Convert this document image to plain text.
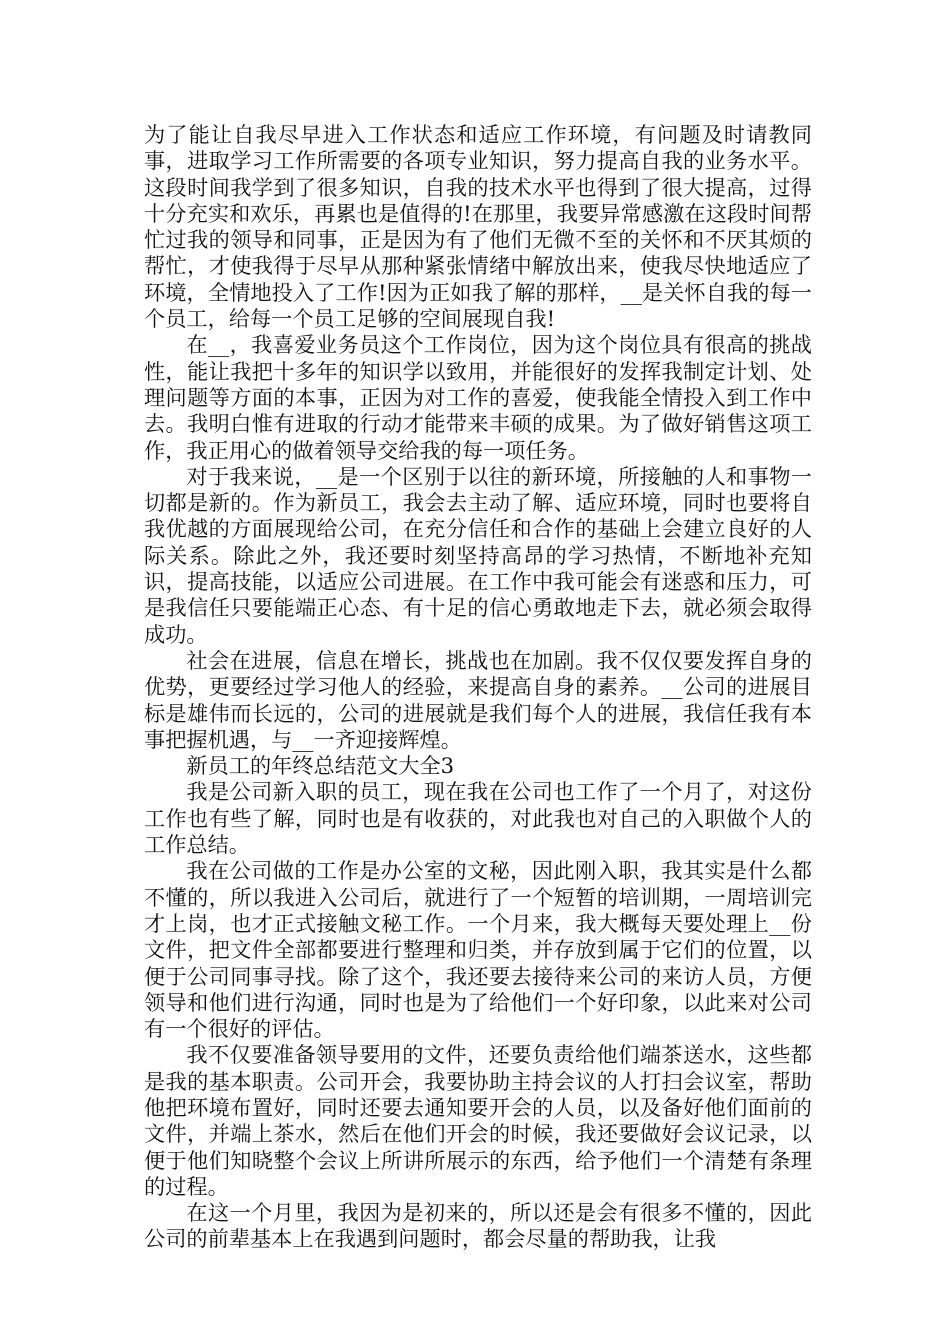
为了能让自我尽早进入工作状态和适应工作环境，有问题及时请教同事，进取学习工作所需要的各项专业知识，努力提高自我的业务水平。这段时间我学到了很多知识，自我的技术水平也得到了很大提高，过得十分充实和欢乐，再累也是值得的!在那里，我要异常感激在这段时间帮忙过我的领导和同事，正是因为有了他们无微不至的关怀和不厌其烦的帮忙，才使我得于尽早从那种紧张情绪中解放出来，使我尽快地适应了环境，全情地投入了工作!因为正如我了解的那样，__是关怀自我的每一个员工，给每一个员工足够的空间展现自我!

在__，我喜爱业务员这个工作岗位，因为这个岗位具有很高的挑战性，能让我把十多年的知识学以致用，并能很好的发挥我制定计划、处理问题等方面的本事，正因为对工作的喜爱，使我能全情投入到工作中去。我明白惟有进取的行动才能带来丰硕的成果。为了做好销售这项工作，我正用心的做着领导交给我的每一项任务。

对于我来说，__是一个区别于以往的新环境，所接触的人和事物一切都是新的。作为新员工，我会去主动了解、适应环境，同时也要将自我优越的方面展现给公司，在充分信任和合作的基础上会建立良好的人际关系。除此之外，我还要时刻坚持高昂的学习热情，不断地补充知识，提高技能，以适应公司进展。在工作中我可能会有迷惑和压力，可是我信任只要能端正心态、有十足的信心勇敢地走下去，就必须会取得成功。

社会在进展，信息在增长，挑战也在加剧。我不仅仅要发挥自身的优势，更要经过学习他人的经验，来提高自身的素养。__公司的进展目标是雄伟而长远的，公司的进展就是我们每个人的进展，我信任我有本事把握机遇，与__一齐迎接辉煌。

新员工的年终总结范文大全3

我是公司新入职的员工，现在我在公司也工作了一个月了，对这份工作也有些了解，同时也是有收获的，对此我也对自己的入职做个人的工作总结。

我在公司做的工作是办公室的文秘，因此刚入职，我其实是什么都不懂的，所以我进入公司后，就进行了一个短暂的培训期，一周培训完才上岗，也才正式接触文秘工作。一个月来，我大概每天要处理上__份文件，把文件全部都要进行整理和归类，并存放到属于它们的位置，以便于公司同事寻找。除了这个，我还要去接待来公司的来访人员，方便领导和他们进行沟通，同时也是为了给他们一个好印象，以此来对公司有一个很好的评估。

我不仅要准备领导要用的文件，还要负责给他们端茶送水，这些都是我的基本职责。公司开会，我要协助主持会议的人打扫会议室，帮助他把环境布置好，同时还要去通知要开会的人员，以及备好他们面前的文件，并端上茶水，然后在他们开会的时候，我还要做好会议记录，以便于他们知晓整个会议上所讲所展示的东西，给予他们一个清楚有条理的过程。

在这一个月里，我因为是初来的，所以还是会有很多不懂的，因此公司的前辈基本上在我遇到问题时，都会尽量的帮助我，让我
